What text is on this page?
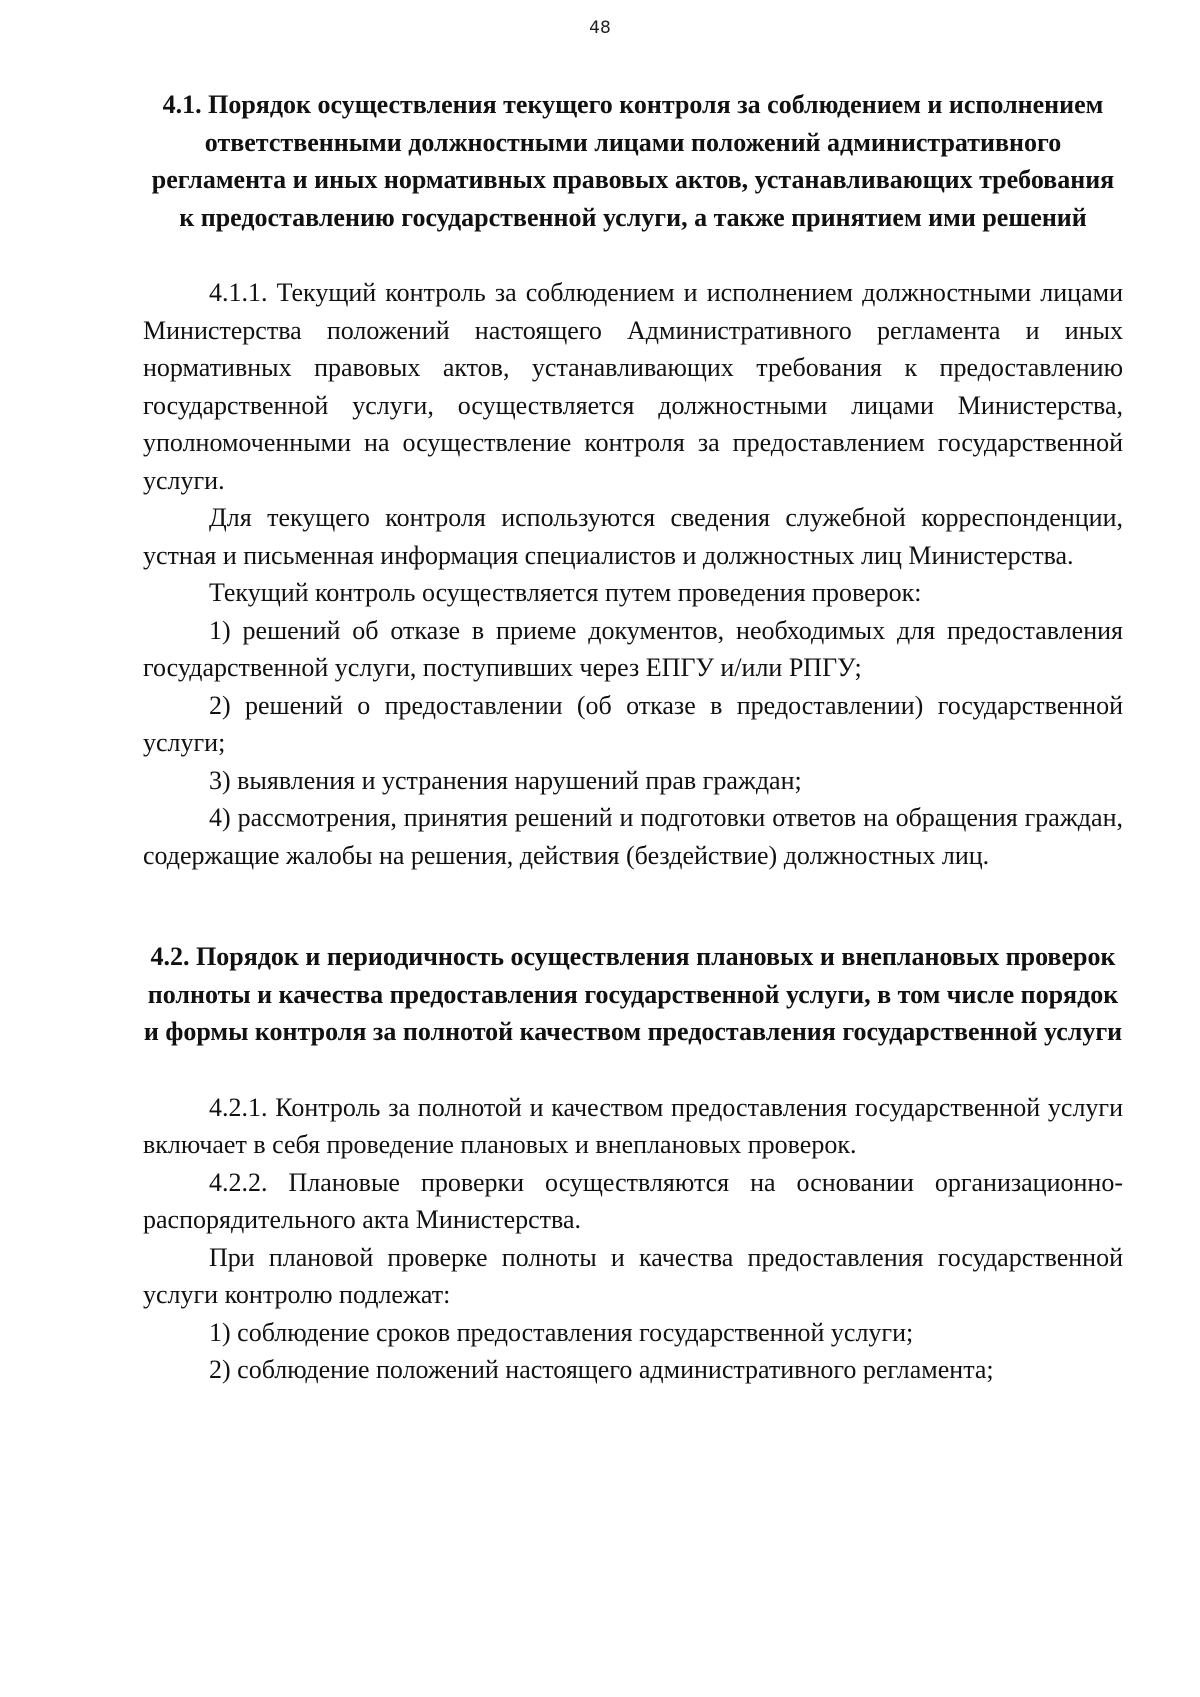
48
4.1. Порядок осуществления текущего контроля за соблюдением и исполнением ответственными должностными лицами положений административного регламента и иных нормативных правовых актов, устанавливающих требования к предоставлению государственной услуги, а также принятием ими решений

4.1.1. Текущий контроль за соблюдением и исполнением должностными лицами Министерства положений настоящего Административного регламента и иных нормативных правовых актов, устанавливающих требования к предоставлению государственной услуги, осуществляется должностными лицами Министерства, уполномоченными на осуществление контроля за предоставлением государственной услуги.

Для текущего контроля используются сведения служебной корреспонденции, устная и письменная информация специалистов и должностных лиц Министерства.

Текущий контроль осуществляется путем проведения проверок:

1) решений об отказе в приеме документов, необходимых для предоставления государственной услуги, поступивших через ЕПГУ и/или РПГУ;

2) решений о предоставлении (об отказе в предоставлении) государственной услуги;

3) выявления и устранения нарушений прав граждан;

4) рассмотрения, принятия решений и подготовки ответов на обращения граждан, содержащие жалобы на решения, действия (бездействие) должностных лиц.

4.2. Порядок и периодичность осуществления плановых и внеплановых проверок полноты и качества предоставления государственной услуги, в том числе порядок и формы контроля за полнотой качеством предоставления государственной услуги

4.2.1. Контроль за полнотой и качеством предоставления государственной услуги включает в себя проведение плановых и внеплановых проверок.

4.2.2. Плановые проверки осуществляются на основании организационно-распорядительного акта Министерства.

При плановой проверке полноты и качества предоставления государственной услуги контролю подлежат:

1) соблюдение сроков предоставления государственной услуги;

2) соблюдение положений настоящего административного регламента;
